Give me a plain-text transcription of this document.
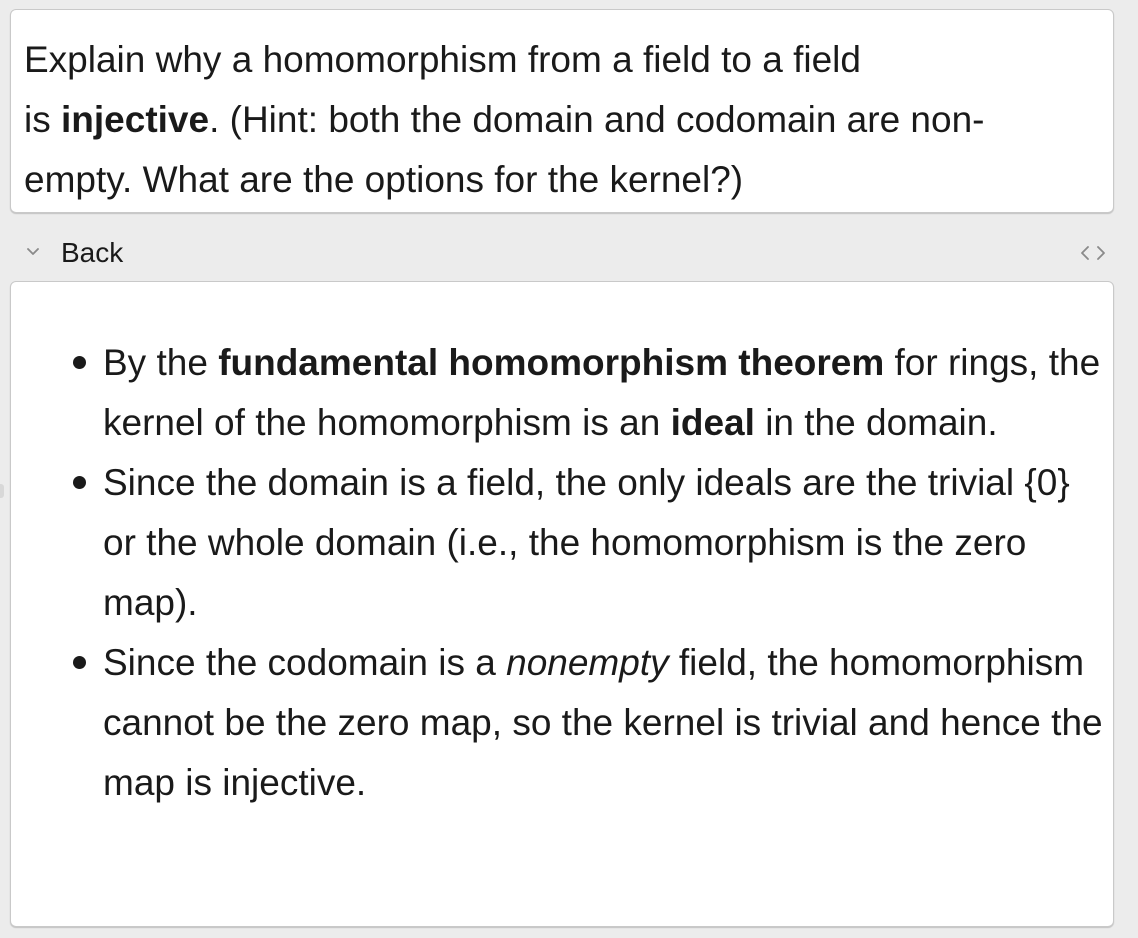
Explain why a homomorphism from a field to a field
is injective. (Hint: both the domain and codomain are non-
empty. What are the options for the kernel?)

Back
By the fundamental homomorphism theorem for rings, the kernel of the homomorphism is an ideal in the domain.
Since the domain is a field, the only ideals are the trivial {0} or the whole domain (i.e., the homomorphism is the zero map).
Since the codomain is a nonempty field, the homomorphism cannot be the zero map, so the kernel is trivial and hence the map is injective.
